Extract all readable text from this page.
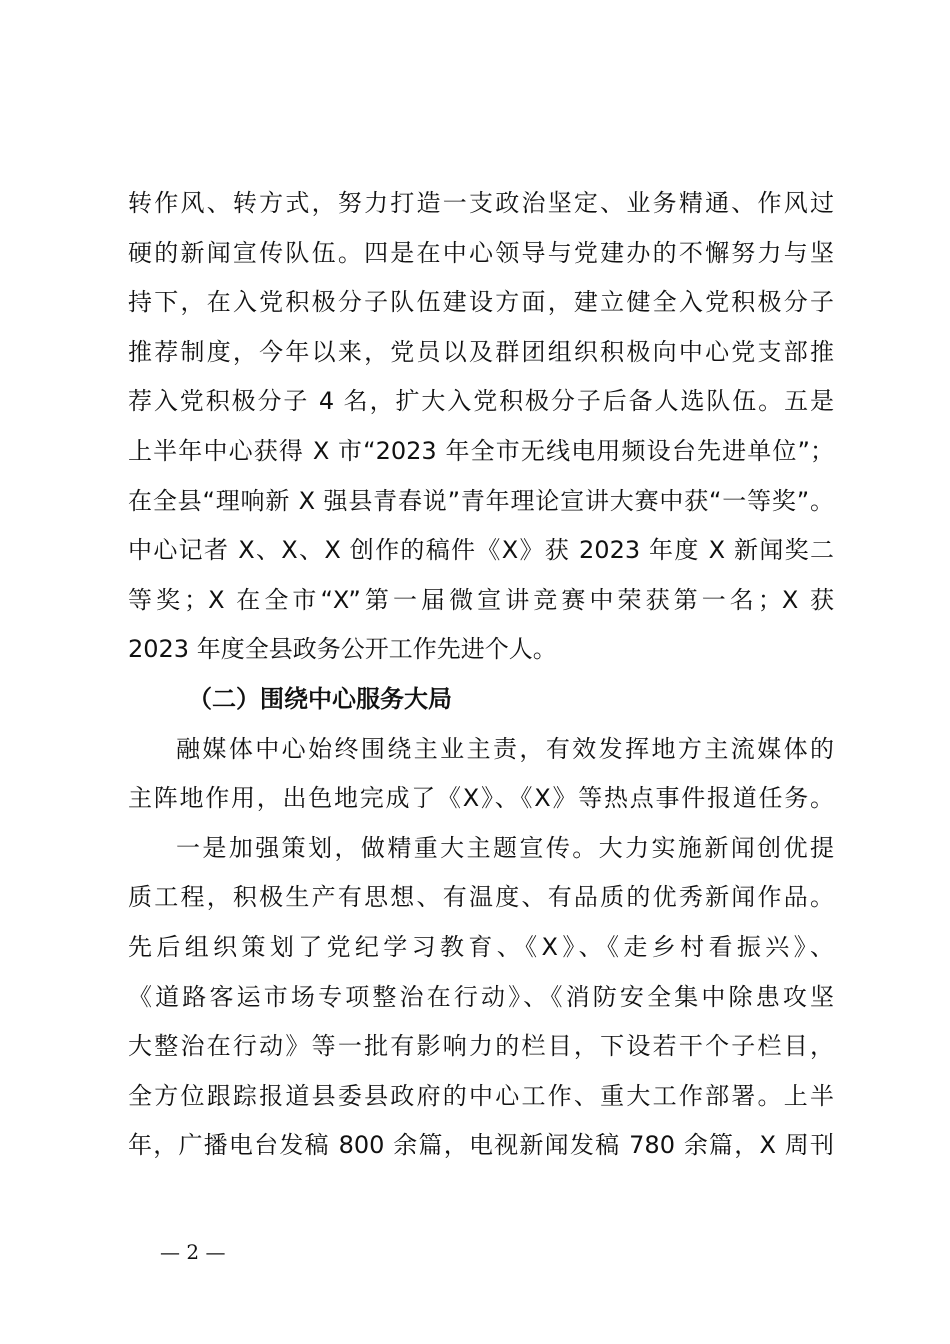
转作风、转方式，努力打造一支政治坚定、业务精通、作风过
硬的新闻宣传队伍。四是在中心领导与党建办的不懈努力与坚
持下，在入党积极分子队伍建设方面，建立健全入党积极分子
推荐制度，今年以来，党员以及群团组织积极向中心党支部推
荐入党积极分子 4 名，扩大入党积极分子后备人选队伍。五是
上半年中心获得 X 市“2023 年全市无线电用频设台先进单位”；
在全县“理响新 X 强县青春说”青年理论宣讲大赛中获“一等奖”。
中心记者 X、X、X 创作的稿件《X》获 2023 年度 X 新闻奖二
等奖；X 在全市“X”第一届微宣讲竞赛中荣获第一名；X 获
2023 年度全县政务公开工作先进个人。
（二）围绕中心服务大局
融媒体中心始终围绕主业主责，有效发挥地方主流媒体的
主阵地作用，出色地完成了《X》、《X》等热点事件报道任务。
一是加强策划，做精重大主题宣传。大力实施新闻创优提
质工程，积极生产有思想、有温度、有品质的优秀新闻作品。
先后组织策划了党纪学习教育、《X》、《走乡村看振兴》、
《道路客运市场专项整治在行动》、《消防安全集中除患攻坚
大整治在行动》等一批有影响力的栏目，下设若干个子栏目，
全方位跟踪报道县委县政府的中心工作、重大工作部署。上半
年，广播电台发稿 800 余篇，电视新闻发稿 780 余篇，X 周刊
— 2 —
